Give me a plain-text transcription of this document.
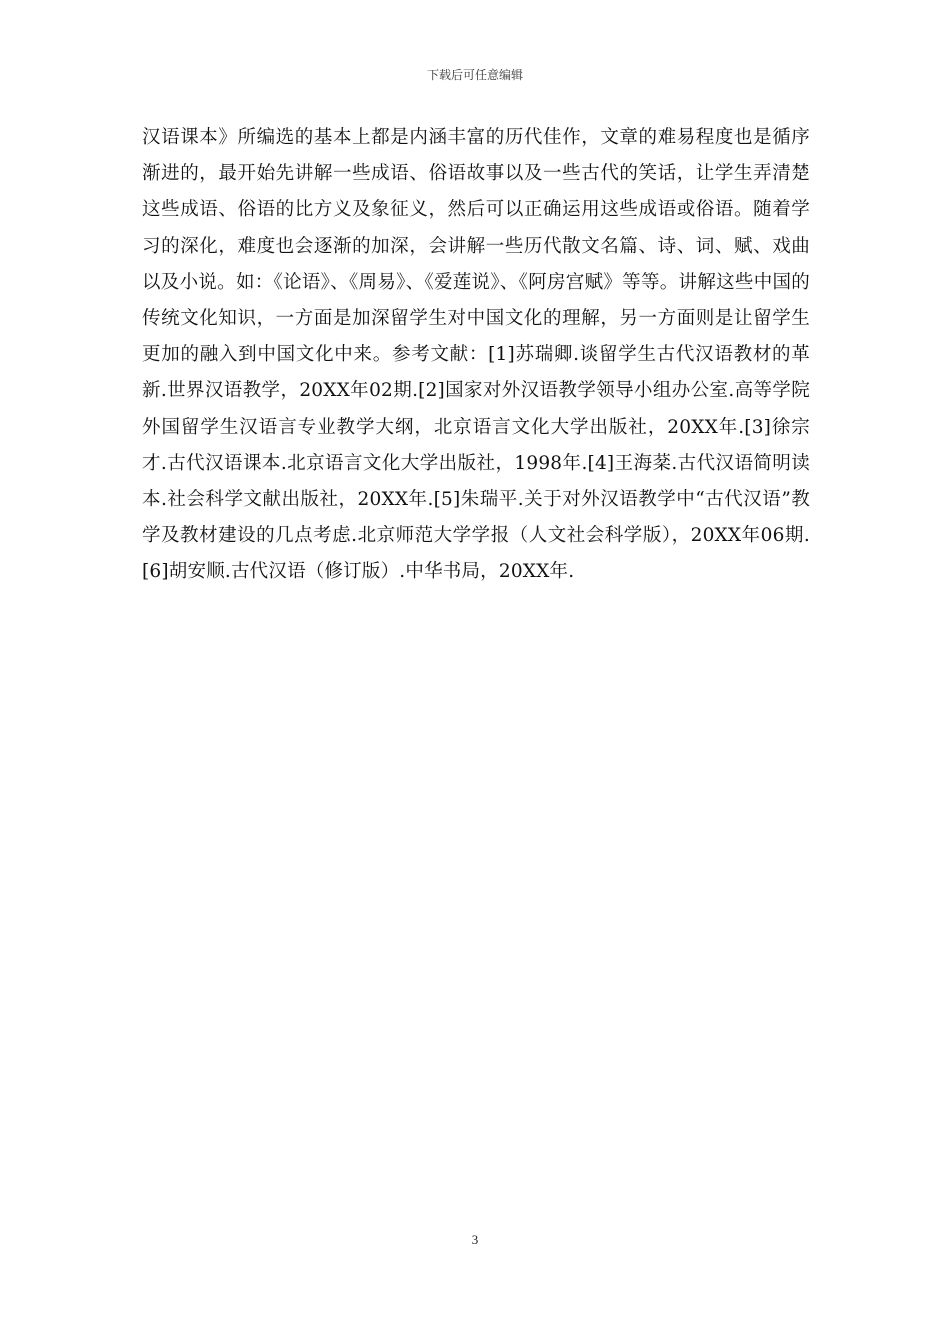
下载后可任意编辑

汉语课本》所编选的基本上都是内涵丰富的历代佳作，文章的难易程度也是循序渐进的，最开始先讲解一些成语、俗语故事以及一些古代的笑话，让学生弄清楚这些成语、俗语的比方义及象征义，然后可以正确运用这些成语或俗语。随着学习的深化，难度也会逐渐的加深，会讲解一些历代散文名篇、诗、词、赋、戏曲以及小说。如：《论语》、《周易》、《爱莲说》、《阿房宫赋》等等。讲解这些中国的传统文化知识，一方面是加深留学生对中国文化的理解，另一方面则是让留学生更加的融入到中国文化中来。参考文献：[1]苏瑞卿.谈留学生古代汉语教材的革新.世界汉语教学，20XX年02期.[2]国家对外汉语教学领导小组办公室.高等学院外国留学生汉语言专业教学大纲，北京语言文化大学出版社，20XX年.[3]徐宗才.古代汉语课本.北京语言文化大学出版社，1998年.[4]王海棻.古代汉语简明读本.社会科学文献出版社，20XX年.[5]朱瑞平.关于对外汉语教学中“古代汉语”教学及教材建设的几点考虑.北京师范大学学报（人文社会科学版），20XX年06期.[6]胡安顺.古代汉语（修订版）.中华书局，20XX年.

3
